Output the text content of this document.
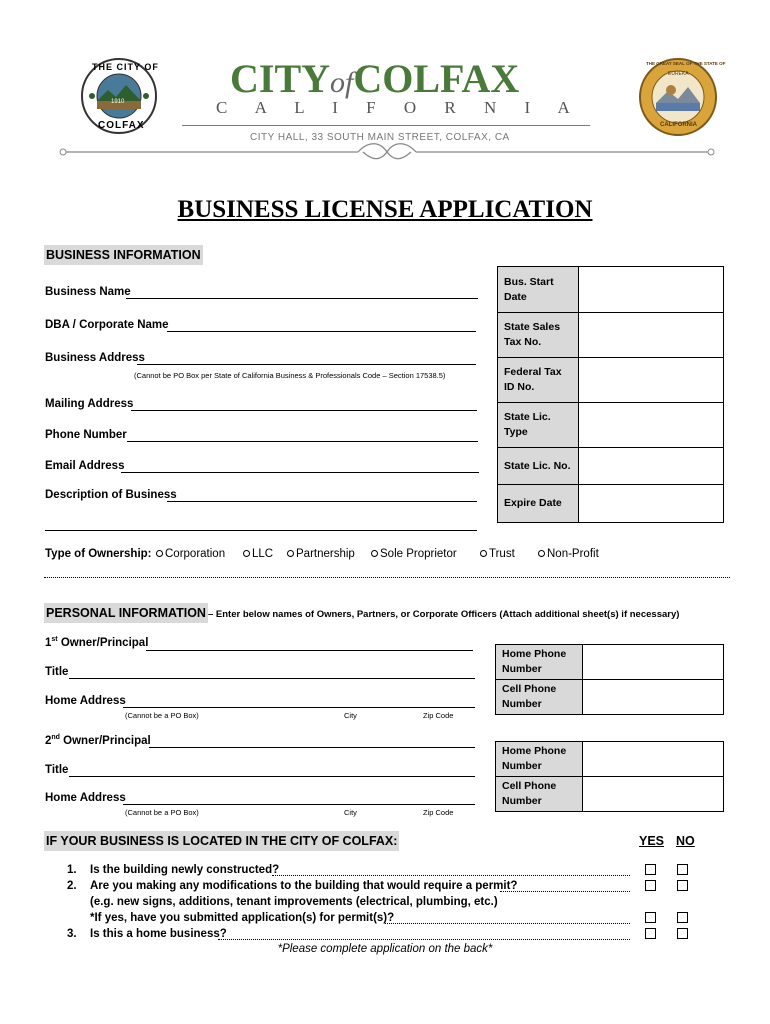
THE CITY OF
COLFAX
1910
CITYofCOLFAX
C A L I F O R N I A
CITY HALL, 33 SOUTH MAIN STREET, COLFAX, CA
THE GREAT SEAL OF THE STATE OF
CALIFORNIA
EUREKA
BUSINESS LICENSE APPLICATION
BUSINESS INFORMATION
Business Name
DBA / Corporate Name
Business Address
(Cannot be PO Box per State of California Business & Professionals Code – Section 17538.5)
Mailing Address
Phone Number
Email Address
Description of Business
Bus. Start Date	
State Sales Tax No.	
Federal Tax ID No.	
State Lic. Type	
State Lic. No.	
Expire Date	
Type of Ownership:	Corporation	LLC	Partnership	Sole Proprietor	Trust	Non-Profit
PERSONAL INFORMATION – Enter below names of Owners, Partners, or Corporate Officers (Attach additional sheet(s) if necessary)
1st Owner/Principal
Title
Home Address
(Cannot be a PO Box)	City	Zip Code
Home Phone Number	
Cell Phone Number	
2nd Owner/Principal
Title
Home Address
(Cannot be a PO Box)	City	Zip Code
Home Phone Number	
Cell Phone Number	
IF YOUR BUSINESS IS LOCATED IN THE CITY OF COLFAX:	YES NO
1. Is the building newly constructed?
2. Are you making any modifications to the building that would require a permit?
(e.g. new signs, additions, tenant improvements (electrical, plumbing, etc.)
*If yes, have you submitted application(s) for permit(s)?
3. Is this a home business?
*Please complete application on the back*
